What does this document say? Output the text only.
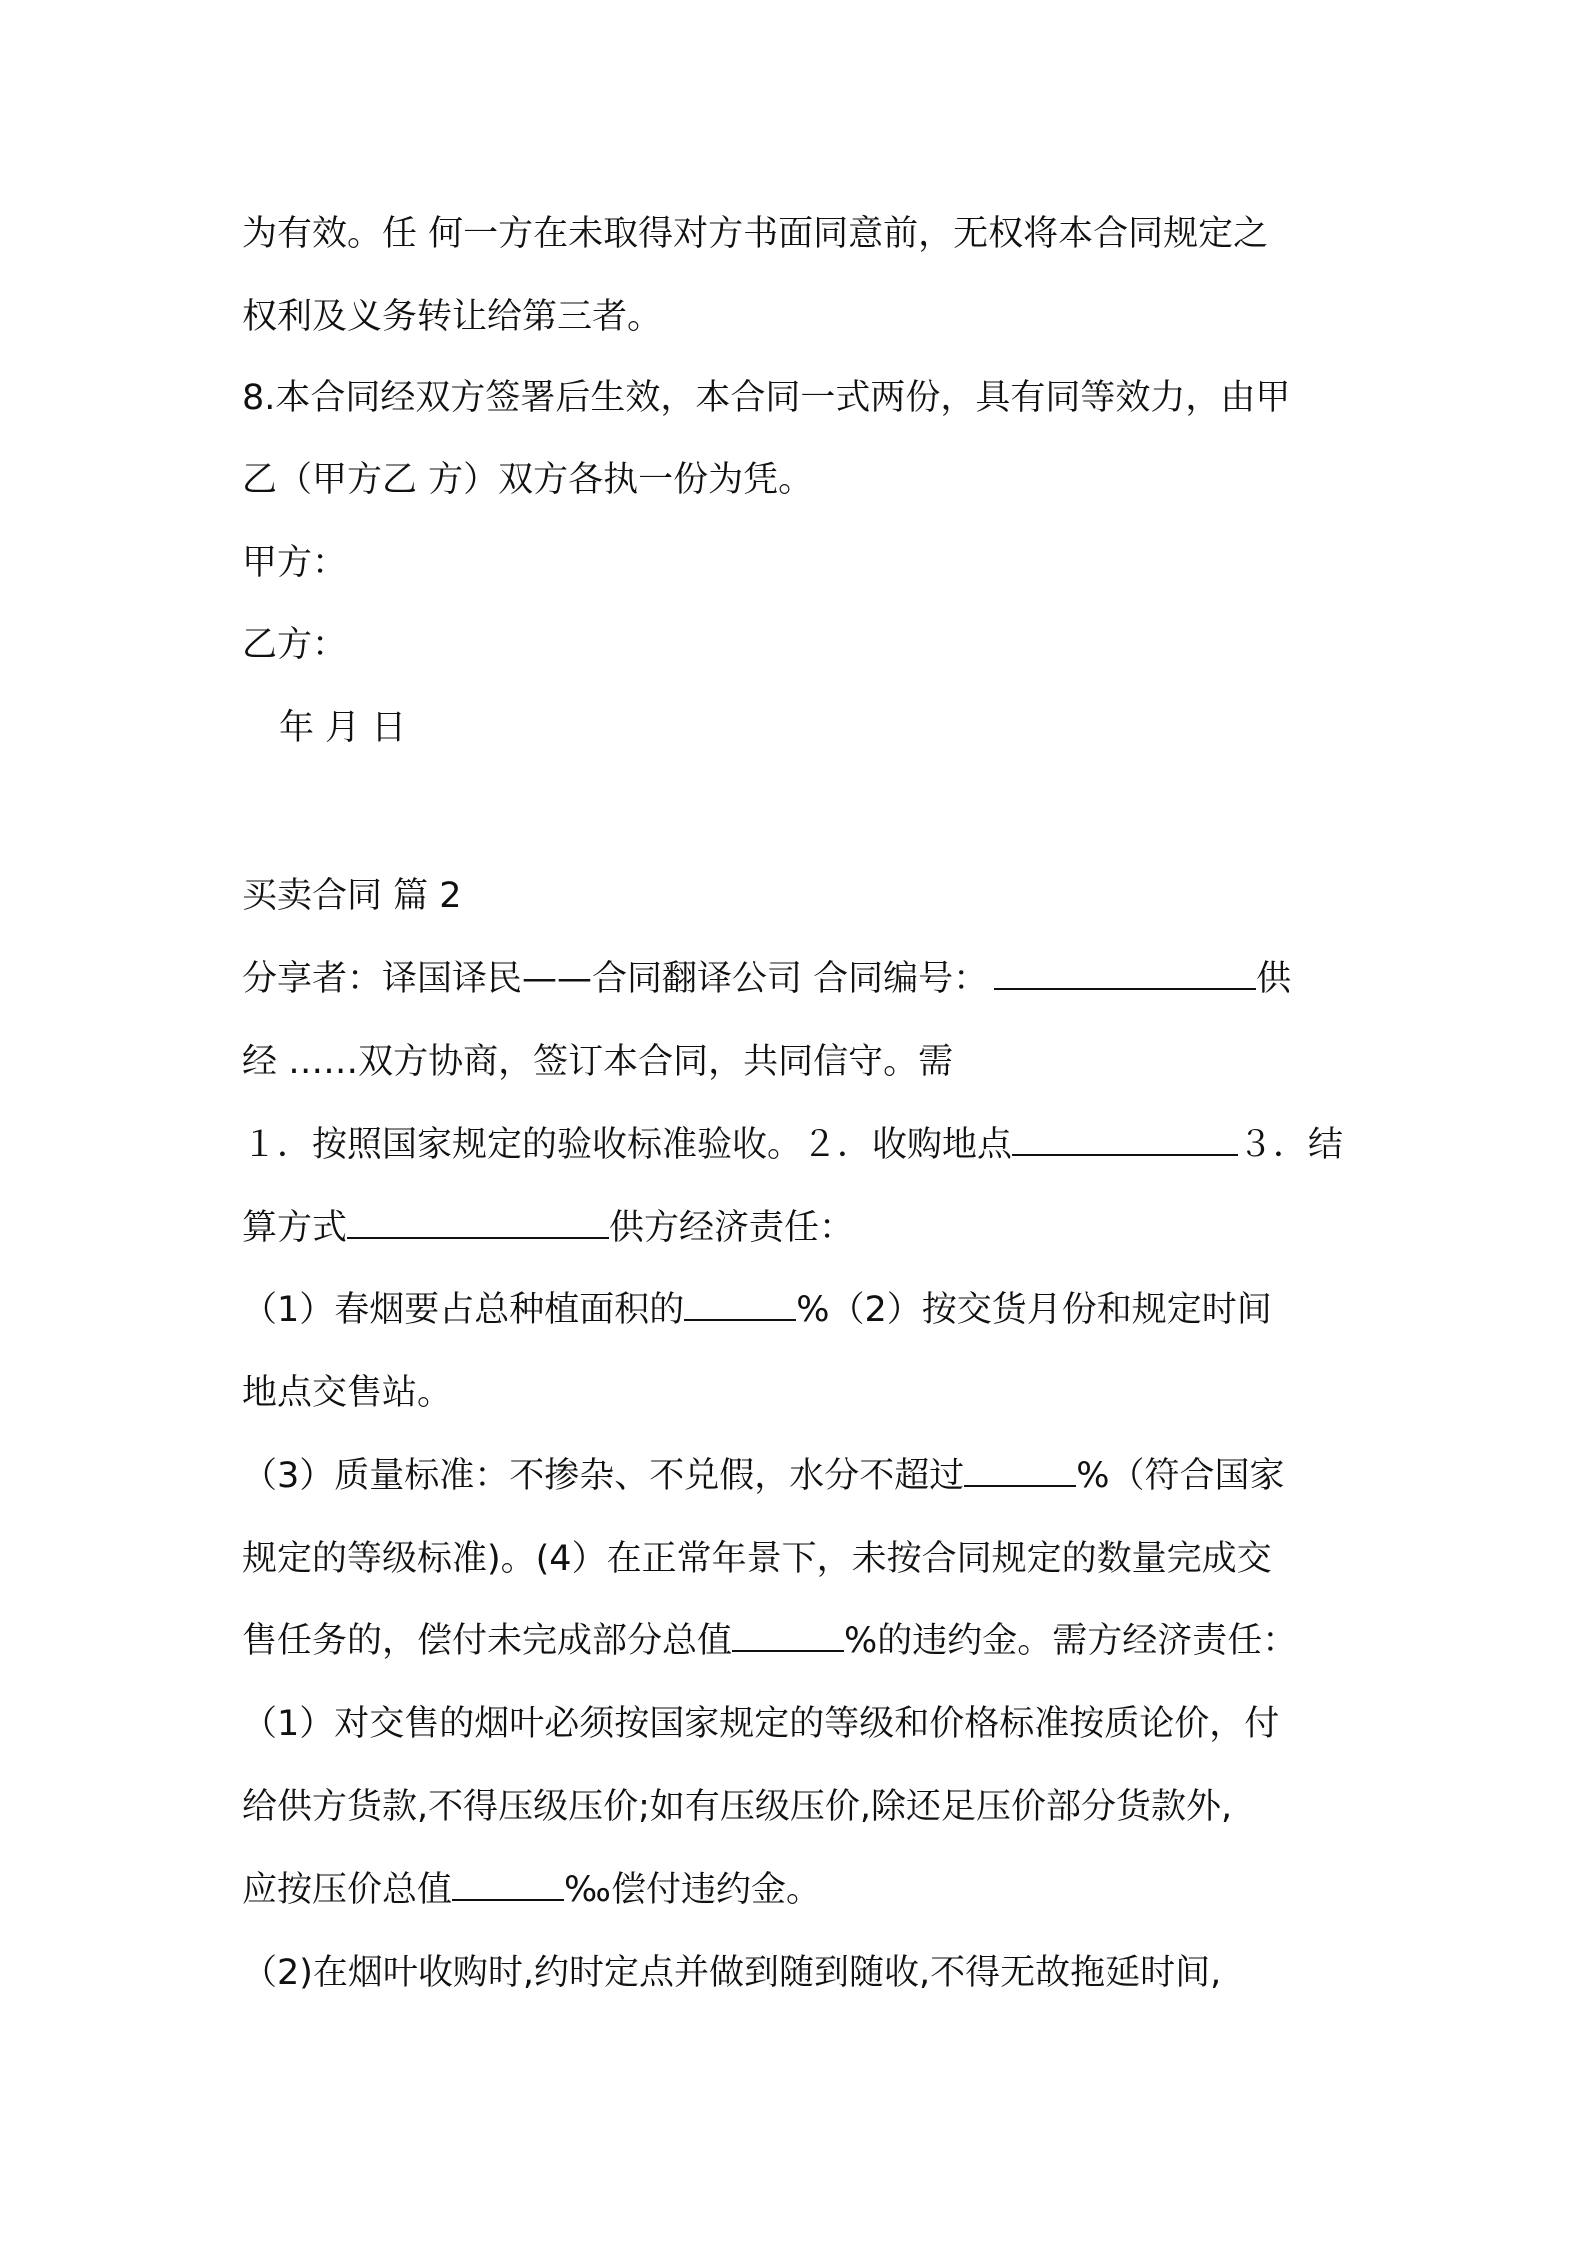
为有效。任 何一方在未取得对方书面同意前，无权将本合同规定之
权利及义务转让给第三者。
8.本合同经双方签署后生效，本合同一式两份，具有同等效力，由甲
乙（甲方乙 方）双方各执一份为凭。
甲方：
乙方：
年 月 日
买卖合同 篇 2
分享者：译国译民——合同翻译公司 合同编号：	供
经 ……双方协商，签订本合同，共同信守。需
１．按照国家规定的验收标准验收。２．收购地点	３．结
算方式	供方经济责任：
（1）春烟要占总种植面积的	%（2）按交货月份和规定时间
地点交售站。
（3）质量标准：不掺杂、不兑假，水分不超过	%（符合国家
规定的等级标准)。(4）在正常年景下，未按合同规定的数量完成交
售任务的，偿付未完成部分总值	%的违约金。需方经济责任：
（1）对交售的烟叶必须按国家规定的等级和价格标准按质论价，付
给供方货款,不得压级压价;如有压级压价,除还足压价部分货款外,
应按压价总值	‰偿付违约金。
（2)在烟叶收购时,约时定点并做到随到随收,不得无故拖延时间,
